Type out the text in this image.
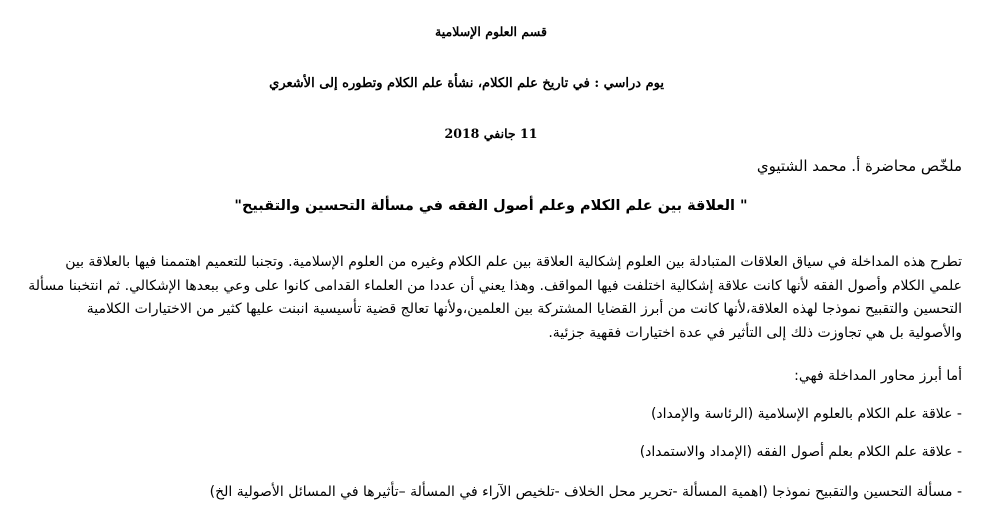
قسم العلوم الإسلامية
يوم دراسي : في تاريخ علم الكلام، نشأة علم الكلام وتطوره إلى الأشعري
11 جانفي 2018
ملخّص محاضرة أ. محمد الشتيوي
" العلاقة بين علم الكلام وعلم أصول الفقه في مسألة التحسين والتقبيح"
تطرح هذه المداخلة في سياق العلاقات المتبادلة بين العلوم إشكالية العلاقة بين علم الكلام وغيره من العلوم الإسلامية. وتجنبا للتعميم اهتممنا فيها بالعلاقة بين
علمي الكلام وأصول الفقه لأنها كانت علاقة إشكالية اختلفت فيها المواقف. وهذا يعني أن عددا من العلماء القدامى كانوا على وعي ببعدها الإشكالي. ثم انتخبنا مسألة
التحسين والتقبيح نموذجا لهذه العلاقة،لأنها كانت من أبرز القضايا المشتركة بين العلمين،ولأنها تعالج قضية تأسيسية انبنت عليها كثير من الاختيارات الكلامية
والأصولية بل هي تجاوزت ذلك إلى التأثير في عدة اختيارات فقهية جزئية.
أما أبرز محاور المداخلة فهي:
- علاقة علم الكلام بالعلوم الإسلامية (الرئاسة والإمداد)
- علاقة علم الكلام بعلم أصول الفقه (الإمداد والاستمداد)
- مسألة التحسين والتقبيح نموذجا (اهمية المسألة -تحرير محل الخلاف -تلخيص الآراء في المسألة –تأثيرها في المسائل الأصولية الخ)
